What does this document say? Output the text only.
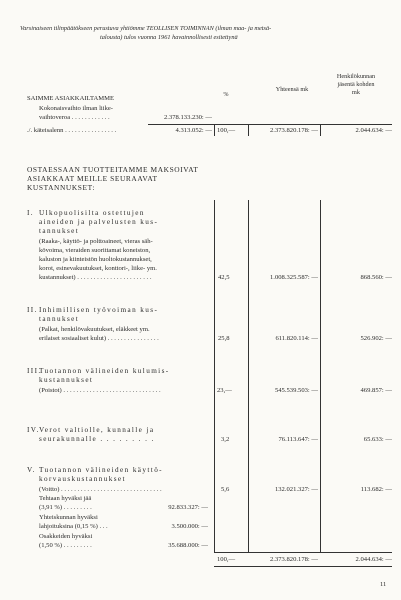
Varsinaiseen tilinpäätökseen perustuva yhtiömme TEOLLISEN TOIMINNAN (ilman maa- ja metsä-
talousta) tulos vuonna 1961 havainnollisesti esitettynä
%
Yhteensä mk
Henkilökunnan
jäsentä kohden
mk
SAIMME ASIAKKAILTAMME
Kokonaisvaihto ilman liike-
vaihtoveroa . . . . . . . . . . . .	2.378.133.230: —
./. käteisalenn . . . . . . . . . . . . . . . .	4.313.052: — 100,—	2.373.820.178: —	2.044.634: —
OSTAESSAAN TUOTTEITAMME MAKSOIVAT
ASIAKKAAT MEILLE SEURAAVAT
KUSTANNUKSET:
I. Ulkopuolisilta ostettujen
aineiden ja palvelusten kus-
tannukset
(Raaka-, käyttö- ja polttoaineet, vieras säh-
kövoima, vieraiden suorittamat koneiston,
kaluston ja kiinteistön huoltokustannukset,
korot, esinevakuutukset, konttori-, liike- ym.
kustannukset) . . . . . . . . . . . . . . . . . . . . . . .	42,5	1.008.325.587: —	868.560: —
II. Inhimillisen työvoiman kus-
tannukset
(Palkat, henkilövakuutukset, eläkkeet ym.
erilaiset sosiaaliset kulut) . . . . . . . . . . . . . . . .	25,8	611.820.114: —	526.902: —
III.
Tuotannon välineiden kulumis-
kustannukset
(Poistot) . . . . . . . . . . . . . . . . . . . . . . . . . . . . . .	23,—	545.539.503: —	469.857: —
IV. Verot valtiolle, kunnalle ja
seurakunnalle . . . . . . . . .	3,2	76.113.647: —	65.633: —
V. Tuotannon välineiden käyttö-
korvauskustannukset
(Voitto) . . . . . . . . . . . . . . . . . . . . . . . . . . . . . . .	5,6	132.021.327: —	113.682: —
Tehtaan hyväksi jää
(3,91 %) . . . . . . . . .	92.833.327: —
Yhteiskunnan hyväksi
lahjoituksina (0,15 %) . . .	3.500.000: —
Osakkeiden hyväksi
(1,50 %) . . . . . . . . .	35.688.000: —
100,—	2.373.820.178: —	2.044.634: —
11
